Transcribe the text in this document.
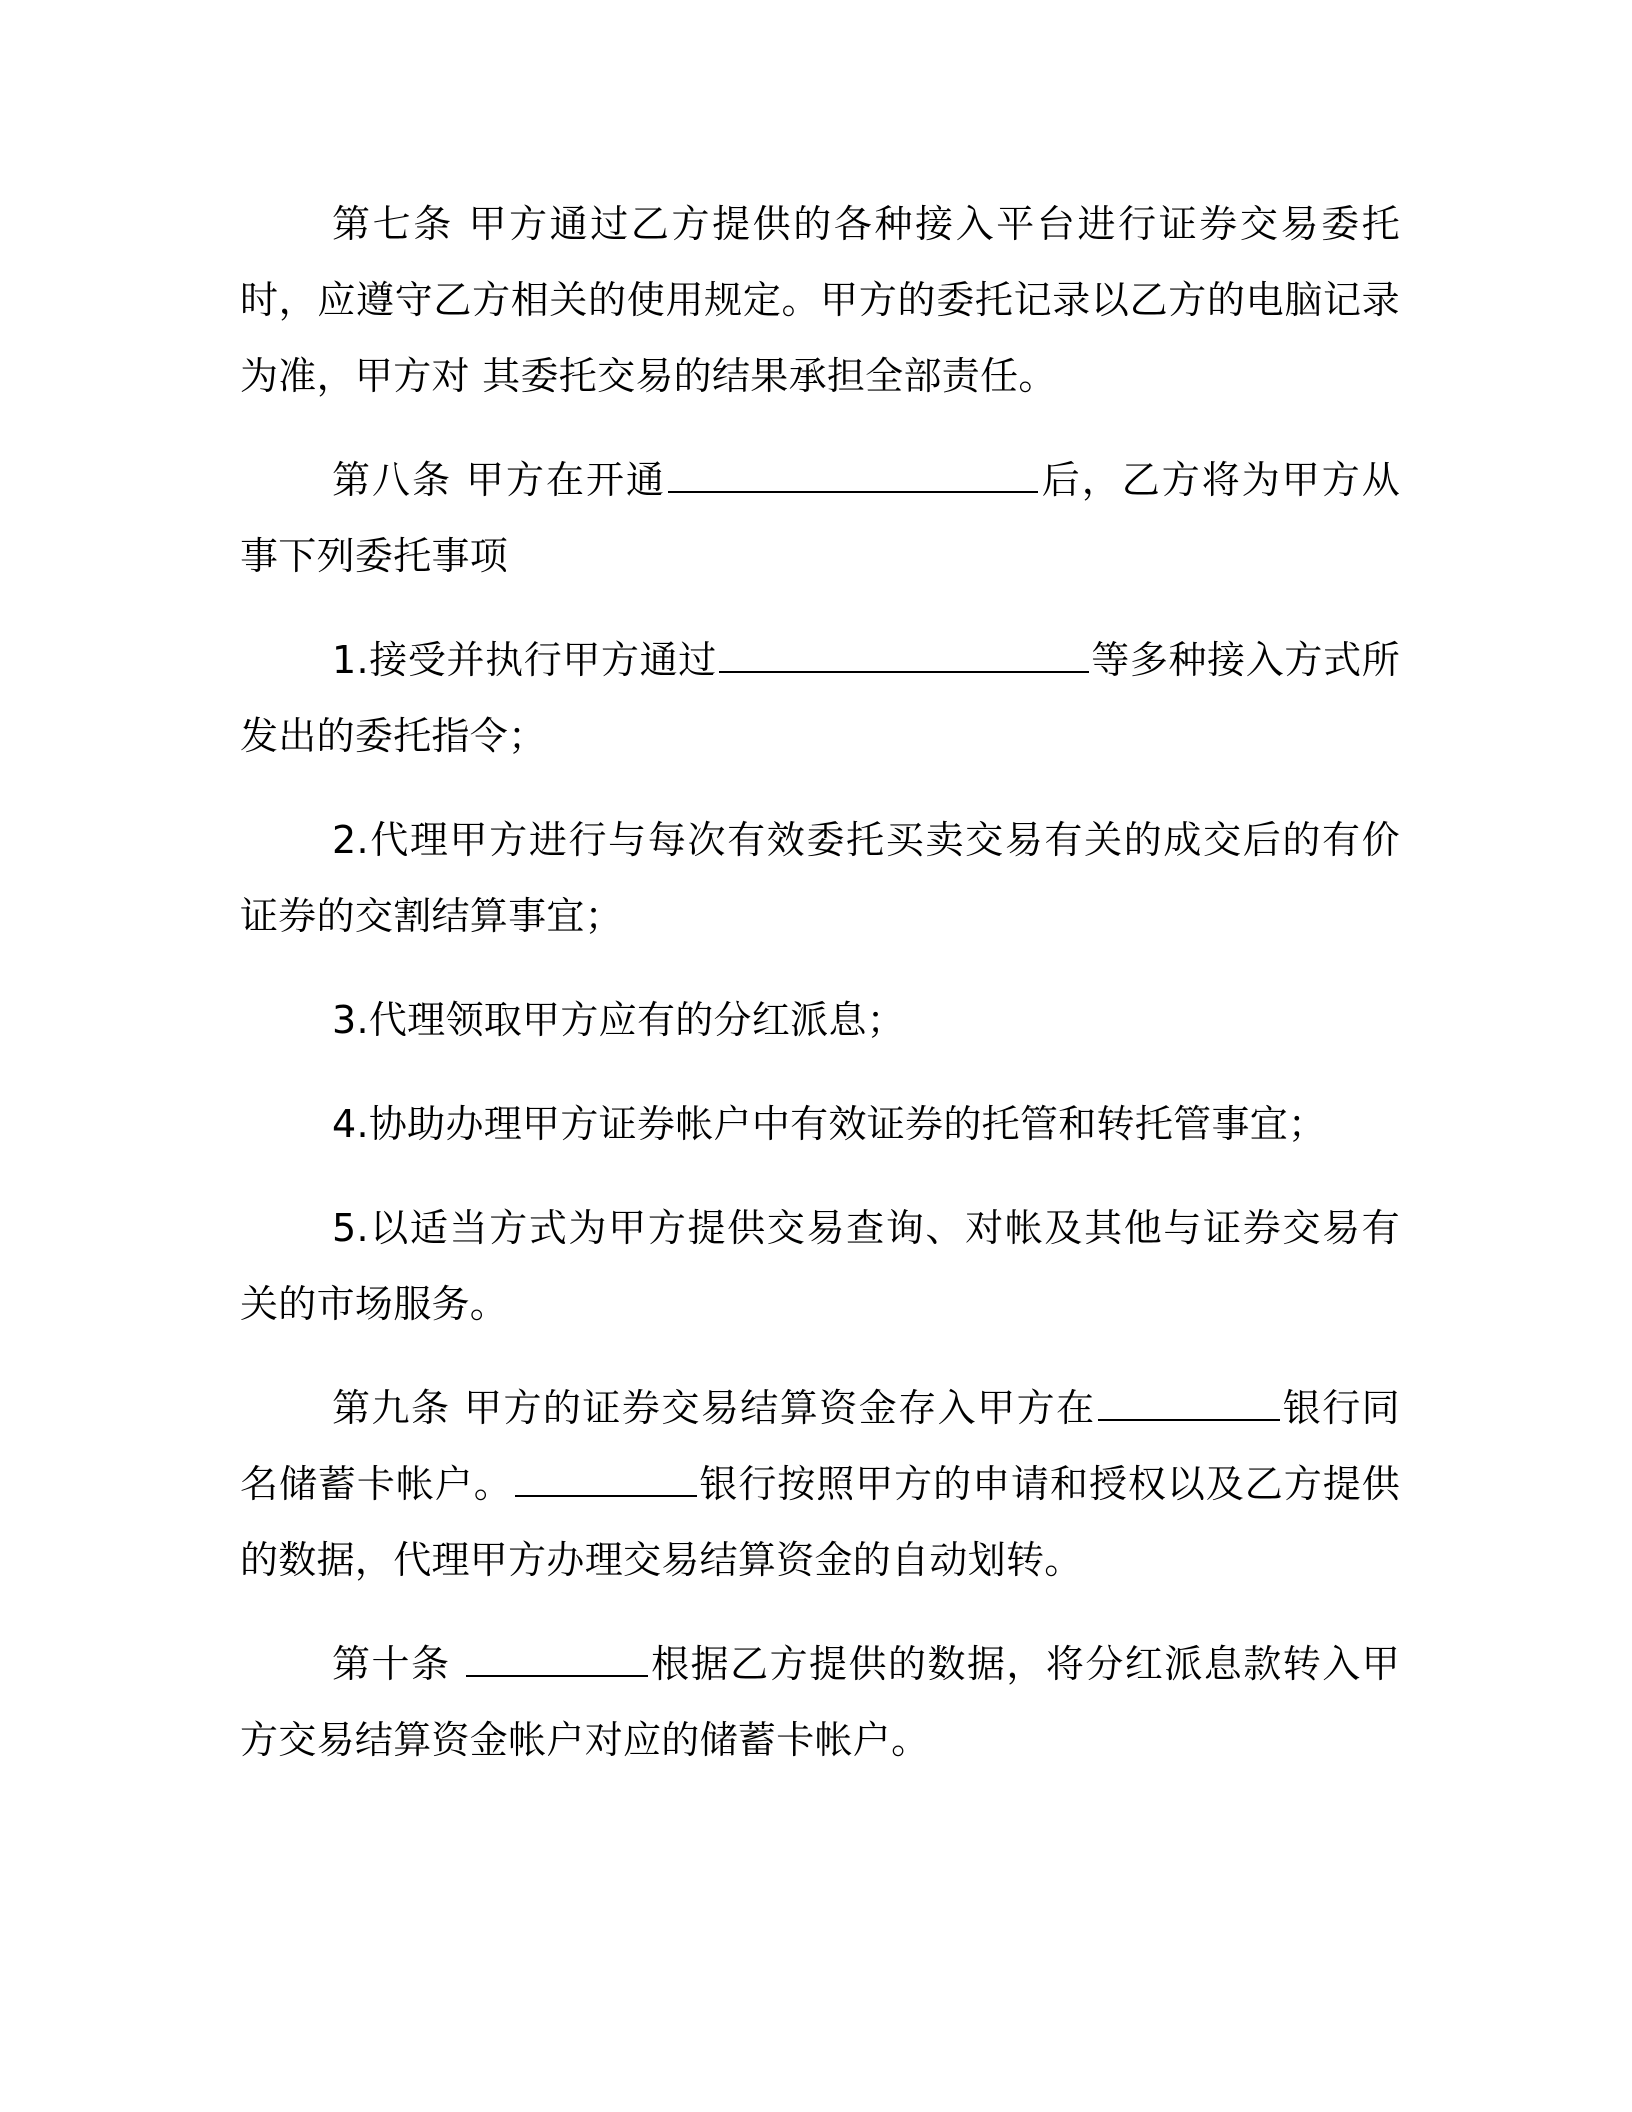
第七条 甲方通过乙方提供的各种接入平台进行证券交易委托时，应遵守乙方相关的使用规定。甲方的委托记录以乙方的电脑记录为准，甲方对 其委托交易的结果承担全部责任。

第八条 甲方在开通	后，乙方将为甲方从事下列委托事项

1.接受并执行甲方通过	等多种接入方式所发出的委托指令；

2.代理甲方进行与每次有效委托买卖交易有关的成交后的有价证券的交割结算事宜；

3.代理领取甲方应有的分红派息；

4.协助办理甲方证券帐户中有效证券的托管和转托管事宜；

5.以适当方式为甲方提供交易查询、对帐及其他与证券交易有关的市场服务。

第九条 甲方的证券交易结算资金存入甲方在	银行同名储蓄卡帐户。	银行按照甲方的申请和授权以及乙方提供的数据，代理甲方办理交易结算资金的自动划转。

第十条	根据乙方提供的数据，将分红派息款转入甲方交易结算资金帐户对应的储蓄卡帐户。
